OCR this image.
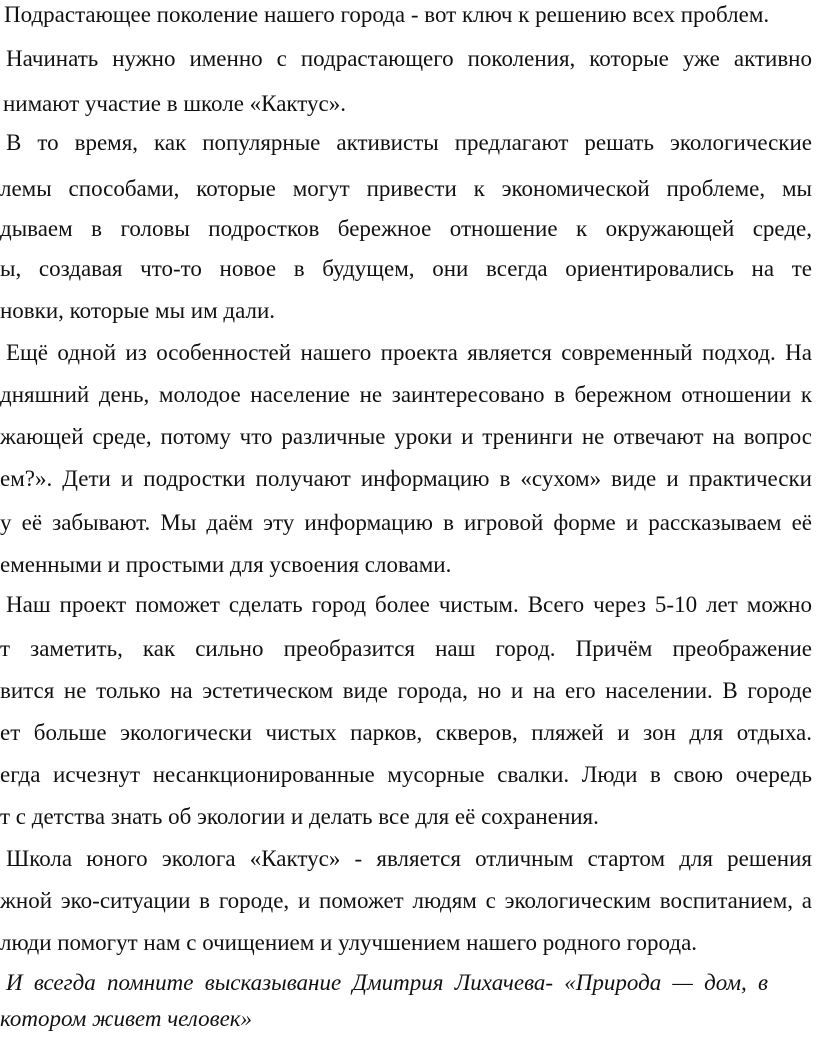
Подрастающее поколение нашего города - вот ключ к решению всех проблем.
Начинать нужно именно с подрастающего поколения, которые уже активно
нимают участие в школе «Кактус».
В то время, как популярные активисты предлагают решать экологические
лемы способами, которые могут привести к экономической проблеме, мы
дываем в головы подростков бережное отношение к окружающей среде,
ы, создавая что-то новое в будущем, они всегда ориентировались на те
новки, которые мы им дали.
Ещё одной из особенностей нашего проекта является современный подход. На
дняшний день, молодое население не заинтересовано в бережном отношении к
жающей среде, потому что различные уроки и тренинги не отвечают на вопрос
ем?». Дети и подростки получают информацию в «сухом» виде и практически
у её забывают. Мы даём эту информацию в игровой форме и рассказываем её
еменными и простыми для усвоения словами.
Наш проект поможет сделать город более чистым. Всего через 5-10 лет можно
т заметить, как сильно преобразится наш город. Причём преображение
вится не только на эстетическом виде города, но и на его населении. В городе
ет больше экологически чистых парков, скверов, пляжей и зон для отдыха.
егда исчезнут несанкционированные мусорные свалки. Люди в свою очередь
т с детства знать об экологии и делать все для её сохранения.
Школа юного эколога «Кактус» - является отличным стартом для решения
жной эко-ситуации в городе, и поможет людям с экологическим воспитанием, а
люди помогут нам с очищением и улучшением нашего родного города.
И всегда помните высказывание Дмитрия Лихачева- «Природа — дом, в
котором живет человек»
